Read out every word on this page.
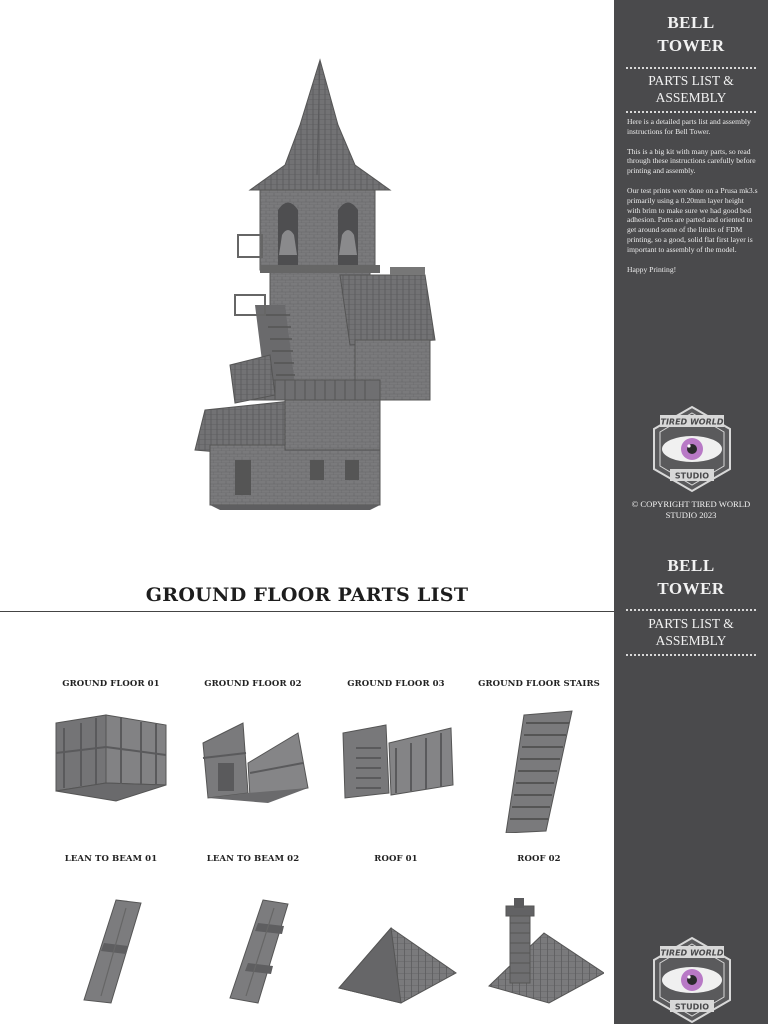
GROUND FLOOR PARTS LIST
GROUND FLOOR 01	GROUND FLOOR 02	GROUND FLOOR 03	GROUND FLOOR STAIRS
LEAN TO BEAM 01	LEAN TO BEAM 02	ROOF 01	ROOF 02
BELL
TOWER
PARTS LIST &
ASSEMBLY

Here is a detailed parts list and assembly instructions for Bell Tower.

This is a big kit with many parts, so read through these instructions carefully before printing and assembly.

Our test prints were done on a Prusa mk3.s primarily using a 0.20mm layer height with brim to make sure we had good bed adhesion. Parts are parted and oriented to get around some of the limits of FDM printing, so a good, solid flat first layer is important to assembly of the model.

Happy Printing!

TIRED WORLD
STUDIO
© COPYRIGHT TIRED WORLD
STUDIO 2023
BELL
TOWER
PARTS LIST &
ASSEMBLY
TIRED WORLD
STUDIO
